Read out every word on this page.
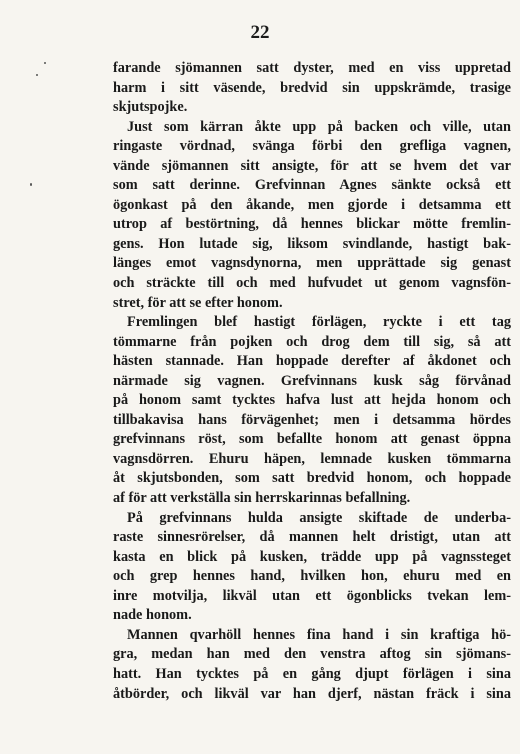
22
farande sjömannen satt dyster, med en viss uppretad
harm i sitt väsende, bredvid sin uppskrämde, trasige
skjutspojke.
Just som kärran åkte upp på backen och ville, utan
ringaste vördnad, svänga förbi den grefliga vagnen,
vände sjömannen sitt ansigte, för att se hvem det var
som satt derinne. Grefvinnan Agnes sänkte också ett
ögonkast på den åkande, men gjorde i detsamma ett
utrop af bestörtning, då hennes blickar mötte fremlin-
gens. Hon lutade sig, liksom svindlande, hastigt bak-
länges emot vagnsdynorna, men upprättade sig genast
och sträckte till och med hufvudet ut genom vagnsfön-
stret, för att se efter honom.
Fremlingen blef hastigt förlägen, ryckte i ett tag
tömmarne från pojken och drog dem till sig, så att
hästen stannade. Han hoppade derefter af åkdonet och
närmade sig vagnen. Grefvinnans kusk såg förvånad
på honom samt tycktes hafva lust att hejda honom och
tillbakavisa hans förvägenhet; men i detsamma hördes
grefvinnans röst, som befallte honom att genast öppna
vagnsdörren. Ehuru häpen, lemnade kusken tömmarna
åt skjutsbonden, som satt bredvid honom, och hoppade
af för att verkställa sin herrskarinnas befallning.
På grefvinnans hulda ansigte skiftade de underba-
raste sinnesrörelser, då mannen helt dristigt, utan att
kasta en blick på kusken, trädde upp på vagnssteget
och grep hennes hand, hvilken hon, ehuru med en
inre motvilja, likväl utan ett ögonblicks tvekan lem-
nade honom.
Mannen qvarhöll hennes fina hand i sin kraftiga hö-
gra, medan han med den venstra aftog sin sjömans-
hatt. Han tycktes på en gång djupt förlägen i sina
åtbörder, och likväl var han djerf, nästan fräck i sina
